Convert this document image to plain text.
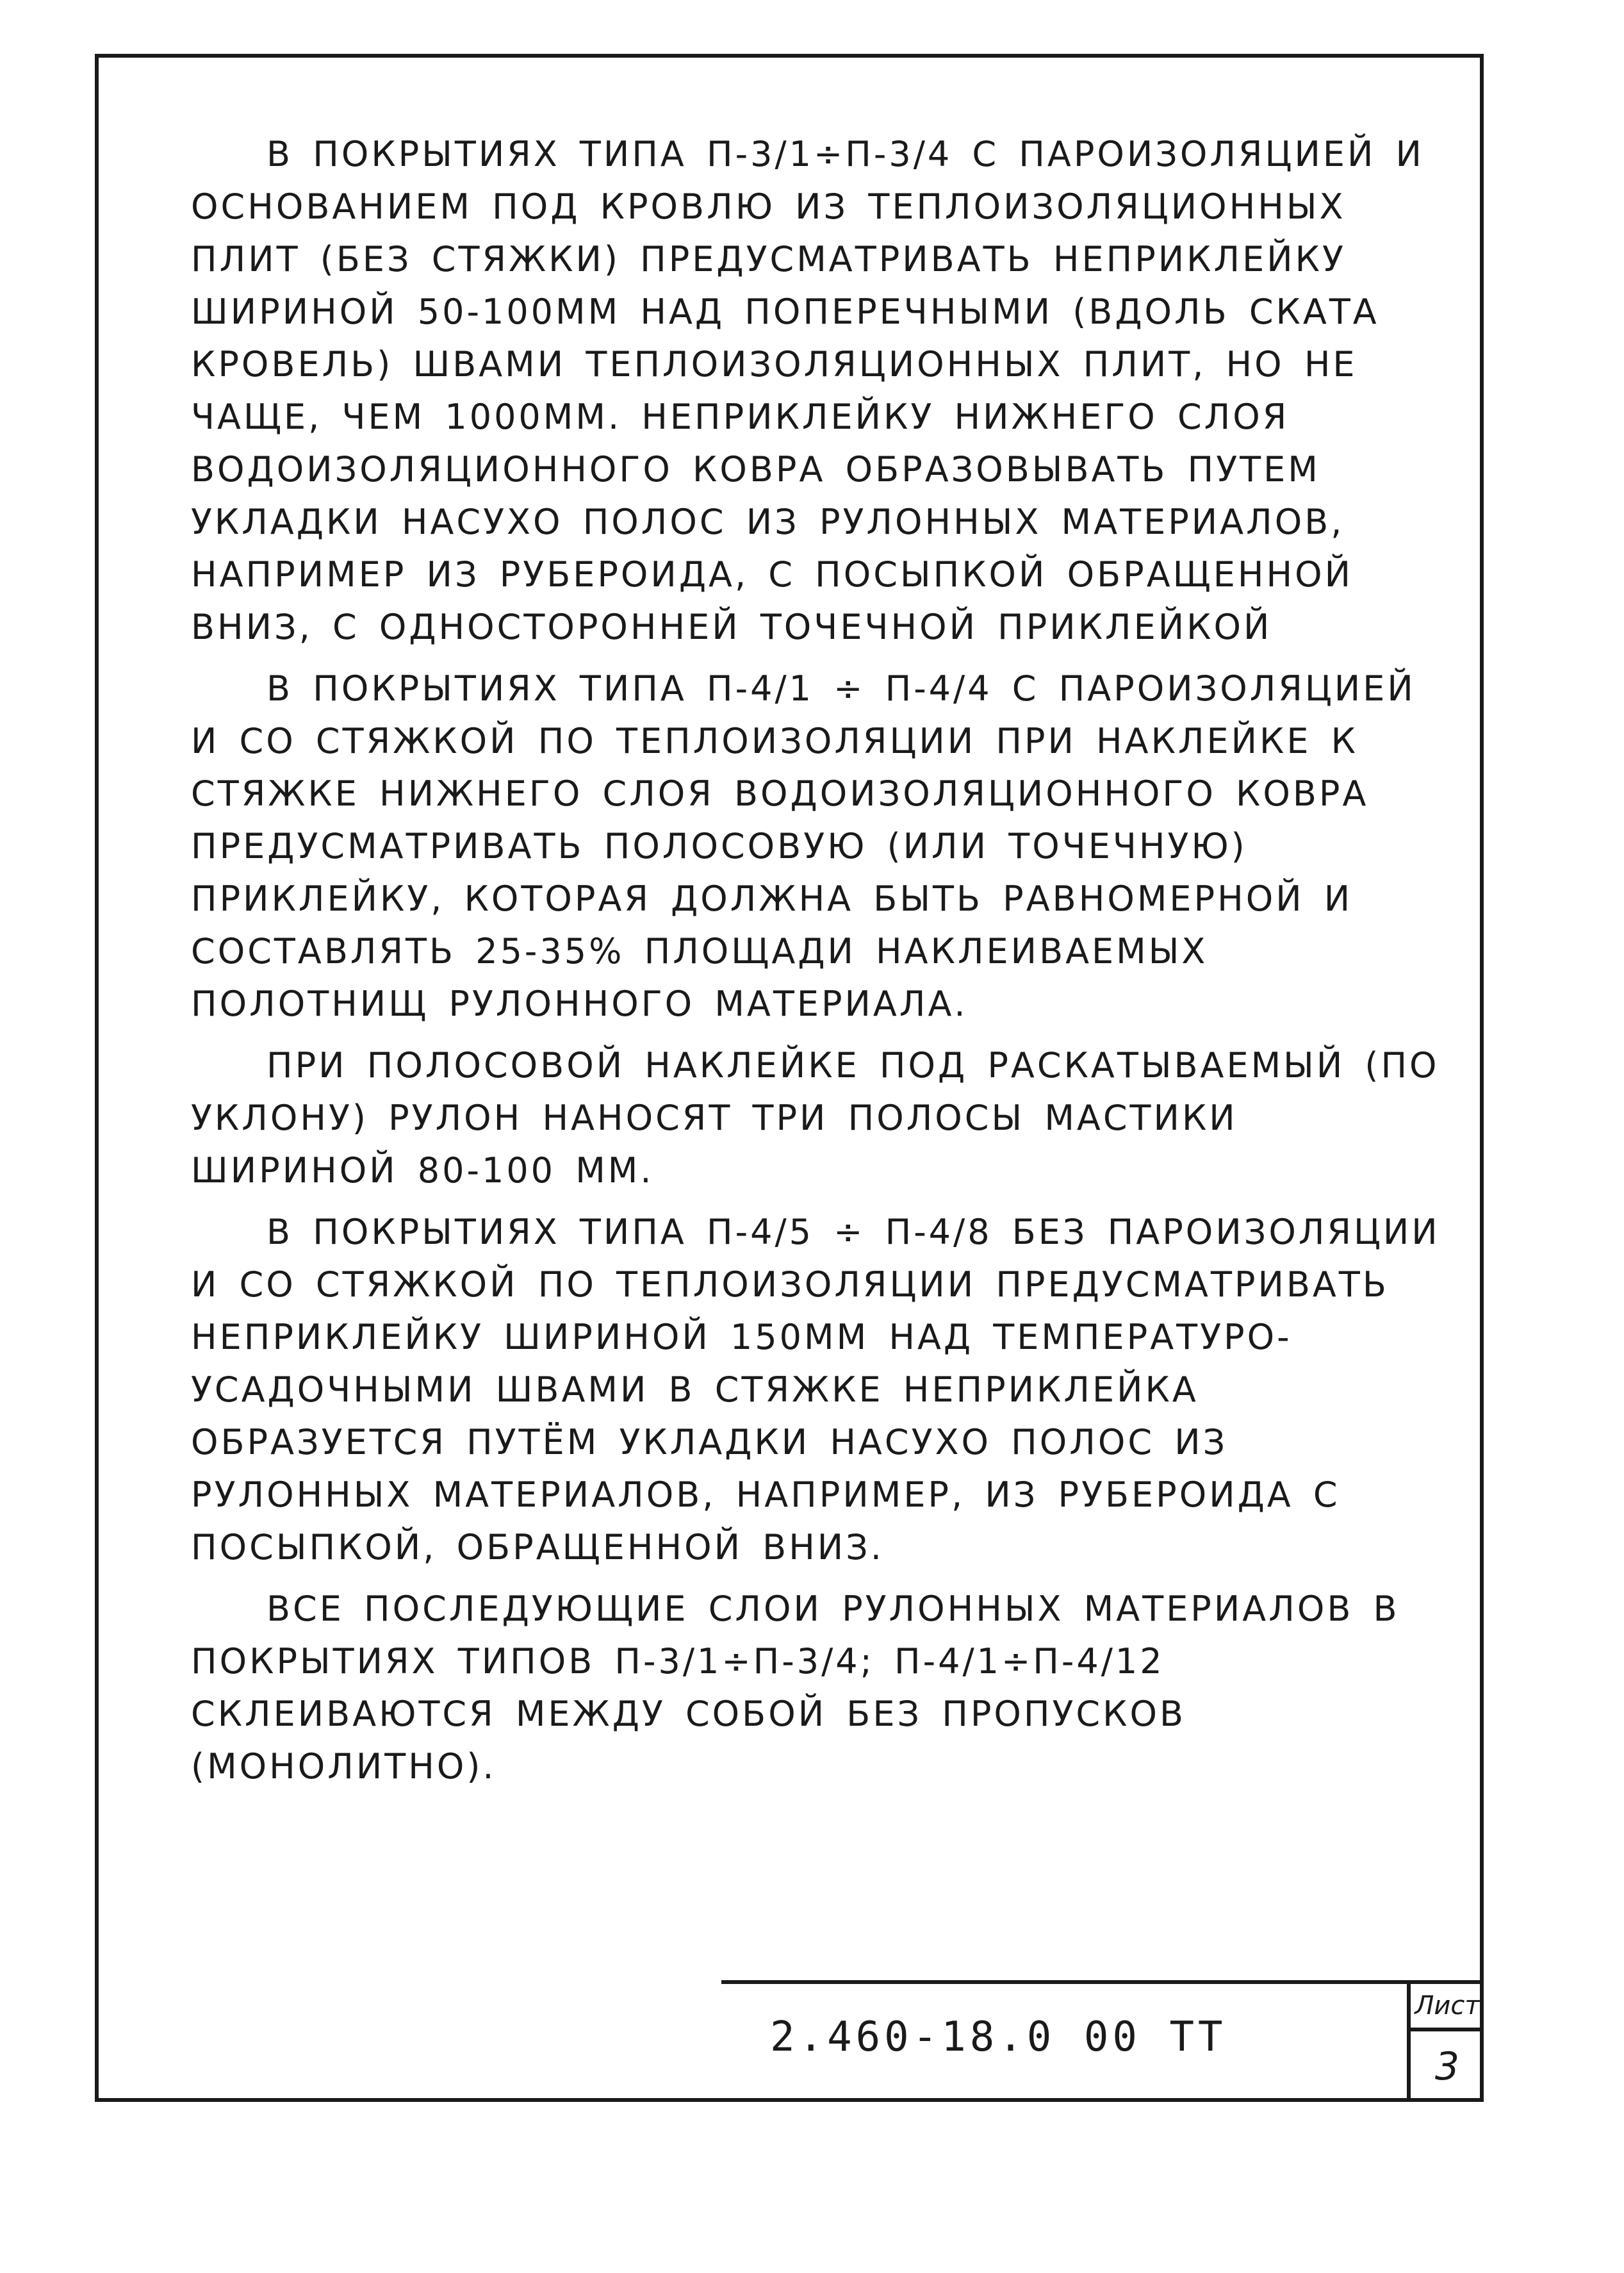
В ПОКРЫТИЯХ ТИПА П-3/1÷П-3/4 С ПАРОИЗОЛЯЦИЕЙ И ОСНОВАНИЕМ ПОД КРОВЛЮ ИЗ ТЕПЛОИЗОЛЯЦИОННЫХ ПЛИТ (БЕЗ СТЯЖКИ) ПРЕДУСМАТРИВАТЬ НЕПРИКЛЕЙКУ ШИРИНОЙ 50-100ММ НАД ПОПЕРЕЧНЫМИ (ВДОЛЬ СКАТА КРОВЕЛЬ) ШВАМИ ТЕПЛОИЗОЛЯЦИОННЫХ ПЛИТ, НО НЕ ЧАЩЕ, ЧЕМ 1000ММ. НЕПРИКЛЕЙКУ НИЖНЕГО СЛОЯ ВОДОИЗОЛЯЦИОННОГО КОВРА ОБРАЗОВЫВАТЬ ПУТЕМ УКЛАДКИ НАСУХО ПОЛОС ИЗ РУЛОННЫХ МАТЕРИАЛОВ, НАПРИМЕР ИЗ РУБЕРОИДА, С ПОСЫПКОЙ ОБРАЩЕННОЙ ВНИЗ, С ОДНОСТОРОННЕЙ ТОЧЕЧНОЙ ПРИКЛЕЙКОЙ

В ПОКРЫТИЯХ ТИПА П-4/1 ÷ П-4/4 С ПАРОИЗОЛЯЦИЕЙ И СО СТЯЖКОЙ ПО ТЕПЛОИЗОЛЯЦИИ ПРИ НАКЛЕЙКЕ К СТЯЖКЕ НИЖНЕГО СЛОЯ ВОДОИЗОЛЯЦИОННОГО КОВРА ПРЕДУСМАТРИВАТЬ ПОЛОСОВУЮ (ИЛИ ТОЧЕЧНУЮ) ПРИКЛЕЙКУ, КОТОРАЯ ДОЛЖНА БЫТЬ РАВНОМЕРНОЙ И СОСТАВЛЯТЬ 25-35% ПЛОЩАДИ НАКЛЕИВАЕМЫХ ПОЛОТНИЩ РУЛОННОГО МАТЕРИАЛА.

ПРИ ПОЛОСОВОЙ НАКЛЕЙКЕ ПОД РАСКАТЫВАЕМЫЙ (ПО УКЛОНУ) РУЛОН НАНОСЯТ ТРИ ПОЛОСЫ МАСТИКИ ШИРИНОЙ 80-100 ММ.

В ПОКРЫТИЯХ ТИПА П-4/5 ÷ П-4/8 БЕЗ ПАРОИЗОЛЯЦИИ И СО СТЯЖКОЙ ПО ТЕПЛОИЗОЛЯЦИИ ПРЕДУСМАТРИВАТЬ НЕПРИКЛЕЙКУ ШИРИНОЙ 150ММ НАД ТЕМПЕРАТУРО- УСАДОЧНЫМИ ШВАМИ В СТЯЖКЕ НЕПРИКЛЕЙКА ОБРАЗУЕТСЯ ПУТЁМ УКЛАДКИ НАСУХО ПОЛОС ИЗ РУЛОННЫХ МАТЕРИАЛОВ, НАПРИМЕР, ИЗ РУБЕРОИДА С ПОСЫПКОЙ, ОБРАЩЕННОЙ ВНИЗ.

ВСЕ ПОСЛЕДУЮЩИЕ СЛОИ РУЛОННЫХ МАТЕРИАЛОВ В ПОКРЫТИЯХ ТИПОВ П-3/1÷П-3/4; П-4/1÷П-4/12 СКЛЕИВАЮТСЯ МЕЖДУ СОБОЙ БЕЗ ПРОПУСКОВ (МОНОЛИТНО).

2.460-18.0 00 ТТ
Лист
3
